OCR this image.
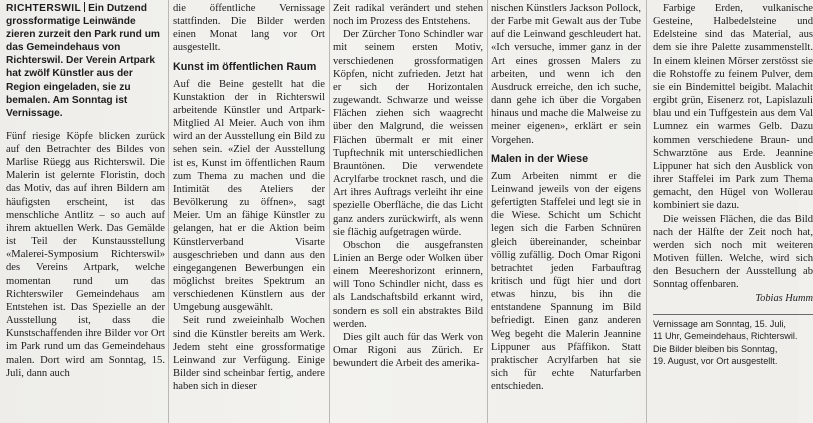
RICHTERSWIL Ein Dutzend grossformatige Leinwände zieren zurzeit den Park rund um das Gemeindehaus von Richterswil. Der Verein Artpark hat zwölf Künstler aus der Region eingeladen, sie zu bemalen. Am Sonntag ist Vernissage.

Fünf riesige Köpfe blicken zurück auf den Betrachter des Bildes von Marlise Rüegg aus Richterswil. Die Malerin ist gelernte Floristin, doch das Motiv, das auf ihren Bildern am häufigsten erscheint, ist das menschliche Antlitz – so auch auf ihrem aktuellen Werk. Das Gemälde ist Teil der Kunstausstellung «Malerei-Symposium Richterswil» des Vereins Artpark, welche momentan rund um das Richterswiler Gemeindehaus am Entstehen ist. Das Spezielle an der Ausstellung ist, dass die Kunstschaffenden ihre Bilder vor Ort im Park rund um das Gemeindehaus malen. Dort wird am Sonntag, 15. Juli, dann auch

die öffentliche Vernissage stattfinden. Die Bilder werden einen Monat lang vor Ort ausgestellt.

Kunst im öffentlichen Raum

Auf die Beine gestellt hat die Kunstaktion der in Richterswil arbeitende Künstler und Artpark-Mitglied Al Meier. Auch von ihm wird an der Ausstellung ein Bild zu sehen sein. «Ziel der Ausstellung ist es, Kunst im öffentlichen Raum zum Thema zu machen und die Intimität des Ateliers der Bevölkerung zu öffnen», sagt Meier. Um an fähige Künstler zu gelangen, hat er die Aktion beim Künstlerverband Visarte ausgeschrieben und dann aus den eingegangenen Bewerbungen ein möglichst breites Spektrum an verschiedenen Künstlern aus der Umgebung ausgewählt.

Seit rund zweieinhalb Wochen sind die Künstler bereits am Werk. Jedem steht eine grossformatige Leinwand zur Verfügung. Einige Bilder sind scheinbar fertig, andere haben sich in dieser

Zeit radikal verändert und stehen noch im Prozess des Entstehens.

Der Zürcher Tono Schindler war mit seinem ersten Motiv, verschiedenen grossformatigen Köpfen, nicht zufrieden. Jetzt hat er sich der Horizontalen zugewandt. Schwarze und weisse Flächen ziehen sich waagrecht über den Malgrund, die weissen Flächen übermalt er mit einer Tupftechnik mit unterschiedlichen Brauntönen. Die verwendete Acrylfarbe trocknet rasch, und die Art ihres Auftrags verleiht ihr eine spezielle Oberfläche, die das Licht ganz anders zurückwirft, als wenn sie flächig aufgetragen würde.

Obschon die ausgefransten Linien an Berge oder Wolken über einem Meereshorizont erinnern, will Tono Schindler nicht, dass es als Landschaftsbild erkannt wird, sondern es soll ein abstraktes Bild werden.

Dies gilt auch für das Werk von Omar Rigoni aus Zürich. Er bewundert die Arbeit des amerika-

nischen Künstlers Jackson Pollock, der Farbe mit Gewalt aus der Tube auf die Leinwand geschleudert hat. «Ich versuche, immer ganz in der Art eines grossen Malers zu arbeiten, und wenn ich den Ausdruck erreiche, den ich suche, dann gehe ich über die Vorgaben hinaus und mache die Malweise zu meiner eigenen», erklärt er sein Vorgehen.

Malen in der Wiese

Zum Arbeiten nimmt er die Leinwand jeweils von der eigens gefertigten Staffelei und legt sie in die Wiese. Schicht um Schicht legen sich die Farben Schnüren gleich übereinander, scheinbar völlig zufällig. Doch Omar Rigoni betrachtet jeden Farbauftrag kritisch und fügt hier und dort etwas hinzu, bis ihn die entstandene Spannung im Bild befriedigt. Einen ganz anderen Weg begeht die Malerin Jeannine Lippuner aus Pfäffikon. Statt praktischer Acrylfarben hat sie sich für echte Naturfarben entschieden.

Farbige Erden, vulkanische Gesteine, Halbedelsteine und Edelsteine sind das Material, aus dem sie ihre Palette zusammenstellt. In einem kleinen Mörser zerstösst sie die Rohstoffe zu feinem Pulver, dem sie ein Bindemittel beigibt. Malachit ergibt grün, Eisenerz rot, Lapislazuli blau und ein Tuffgestein aus dem Val Lumnez ein warmes Gelb. Dazu kommen verschiedene Braun- und Schwarztöne aus Erde. Jeannine Lippuner hat sich den Ausblick von ihrer Staffelei im Park zum Thema gemacht, den Hügel von Wollerau kombiniert sie dazu.

Die weissen Flächen, die das Bild nach der Hälfte der Zeit noch hat, werden sich noch mit weiteren Motiven füllen. Welche, wird sich den Besuchern der Ausstellung ab Sonntag offenbaren.

Tobias Humm
Vernissage am Sonntag, 15. Juli,
11 Uhr, Gemeindehaus, Richterswil.
Die Bilder bleiben bis Sonntag,
19. August, vor Ort ausgestellt.
